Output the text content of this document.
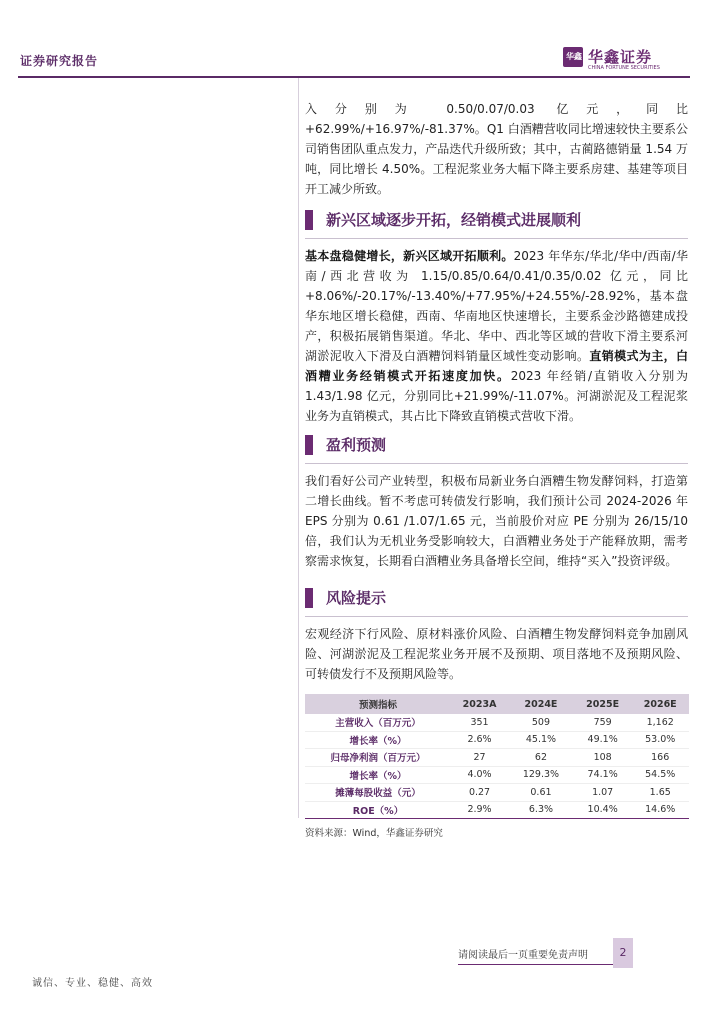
证券研究报告	华鑫 华鑫证券
CHINA FORTUNE SECURITIES

入分别为 0.50/0.07/0.03 亿元，同比+62.99%/+16.97%/-81.37%。Q1 白酒糟营收同比增速较快主要系公司销售团队重点发力，产品迭代升级所致；其中，古蔺路德销量 1.54 万吨，同比增长 4.50%。工程泥浆业务大幅下降主要系房建、基建等项目开工减少所致。

新兴区域逐步开拓，经销模式进展顺利

基本盘稳健增长，新兴区域开拓顺利。2023 年华东/华北/华中/西南/华南/西北营收为 1.15/0.85/0.64/0.41/0.35/0.02 亿元，同比+8.06%/-20.17%/-13.40%/+77.95%/+24.55%/-28.92%，基本盘华东地区增长稳健，西南、华南地区快速增长，主要系金沙路德建成投产，积极拓展销售渠道。华北、华中、西北等区域的营收下滑主要系河湖淤泥收入下滑及白酒糟饲料销量区域性变动影响。直销模式为主，白酒糟业务经销模式开拓速度加快。2023 年经销/直销收入分别为 1.43/1.98 亿元，分别同比+21.99%/-11.07%。河湖淤泥及工程泥浆业务为直销模式，其占比下降致直销模式营收下滑。

盈利预测

我们看好公司产业转型，积极布局新业务白酒糟生物发酵饲料，打造第二增长曲线。暂不考虑可转债发行影响，我们预计公司 2024-2026 年 EPS 分别为 0.61 /1.07/1.65 元，当前股价对应 PE 分别为 26/15/10 倍，我们认为无机业务受影响较大，白酒糟业务处于产能释放期，需考察需求恢复，长期看白酒糟业务具备增长空间，维持“买入”投资评级。

风险提示

宏观经济下行风险、原材料涨价风险、白酒糟生物发酵饲料竞争加剧风险、河湖淤泥及工程泥浆业务开展不及预期、项目落地不及预期风险、可转债发行不及预期风险等。

预测指标	2023A	2024E	2025E	2026E
主营收入（百万元）	351	509	759	1,162
增长率（%）	2.6%	45.1%	49.1%	53.0%
归母净利润（百万元）	27	62	108	166
增长率（%）	4.0%	129.3%	74.1%	54.5%
摊薄每股收益（元）	0.27	0.61	1.07	1.65
ROE（%）	2.9%	6.3%	10.4%	14.6%
资料来源：Wind，华鑫证券研究
请阅读最后一页重要免责声明	2
诚信、专业、稳健、高效
